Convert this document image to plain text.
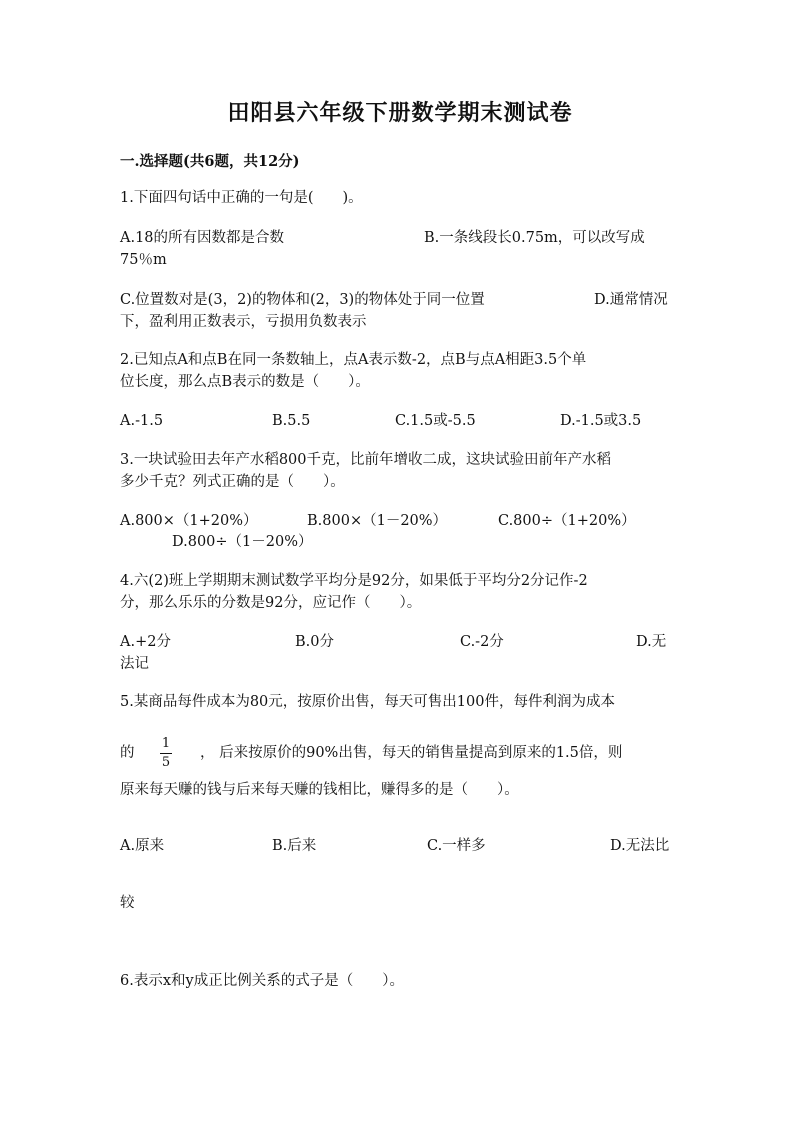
田阳县六年级下册数学期末测试卷
一.选择题(共6题，共12分)
1.下面四句话中正确的一句是(　　)。
A.18的所有因数都是合数	B.一条线段长0.75m，可以改写成
75％m
C.位置数对是(3，2)的物体和(2，3)的物体处于同一位置	D.通常情况
下，盈利用正数表示，亏损用负数表示
2.已知点A和点B在同一条数轴上，点A表示数-2，点B与点A相距3.5个单
位长度，那么点B表示的数是（　　）。
A.-1.5	B.5.5	C.1.5或-5.5	D.-1.5或3.5
3.一块试验田去年产水稻800千克，比前年增收二成，这块试验田前年产水稻
多少千克？列式正确的是（　　）。
A.800×（1+20%）	B.800×（1－20%）	C.800÷（1+20%）
D.800÷（1－20%）
4.六(2)班上学期期末测试数学平均分是92分，如果低于平均分2分记作-2
分，那么乐乐的分数是92分，应记作（　　）。
A.+2分	B.0分	C.-2分	D.无
法记
5.某商品每件成本为80元，按原价出售，每天可售出100件，每件利润为成本
的 $\frac{1}{5}$ ， 后来按原价的90%出售，每天的销售量提高到原来的1.5倍，则
原来每天赚的钱与后来每天赚的钱相比，赚得多的是（　　）。
A.原来	B.后来	C.一样多	D.无法比
较
6.表示x和y成正比例关系的式子是（　　）。
